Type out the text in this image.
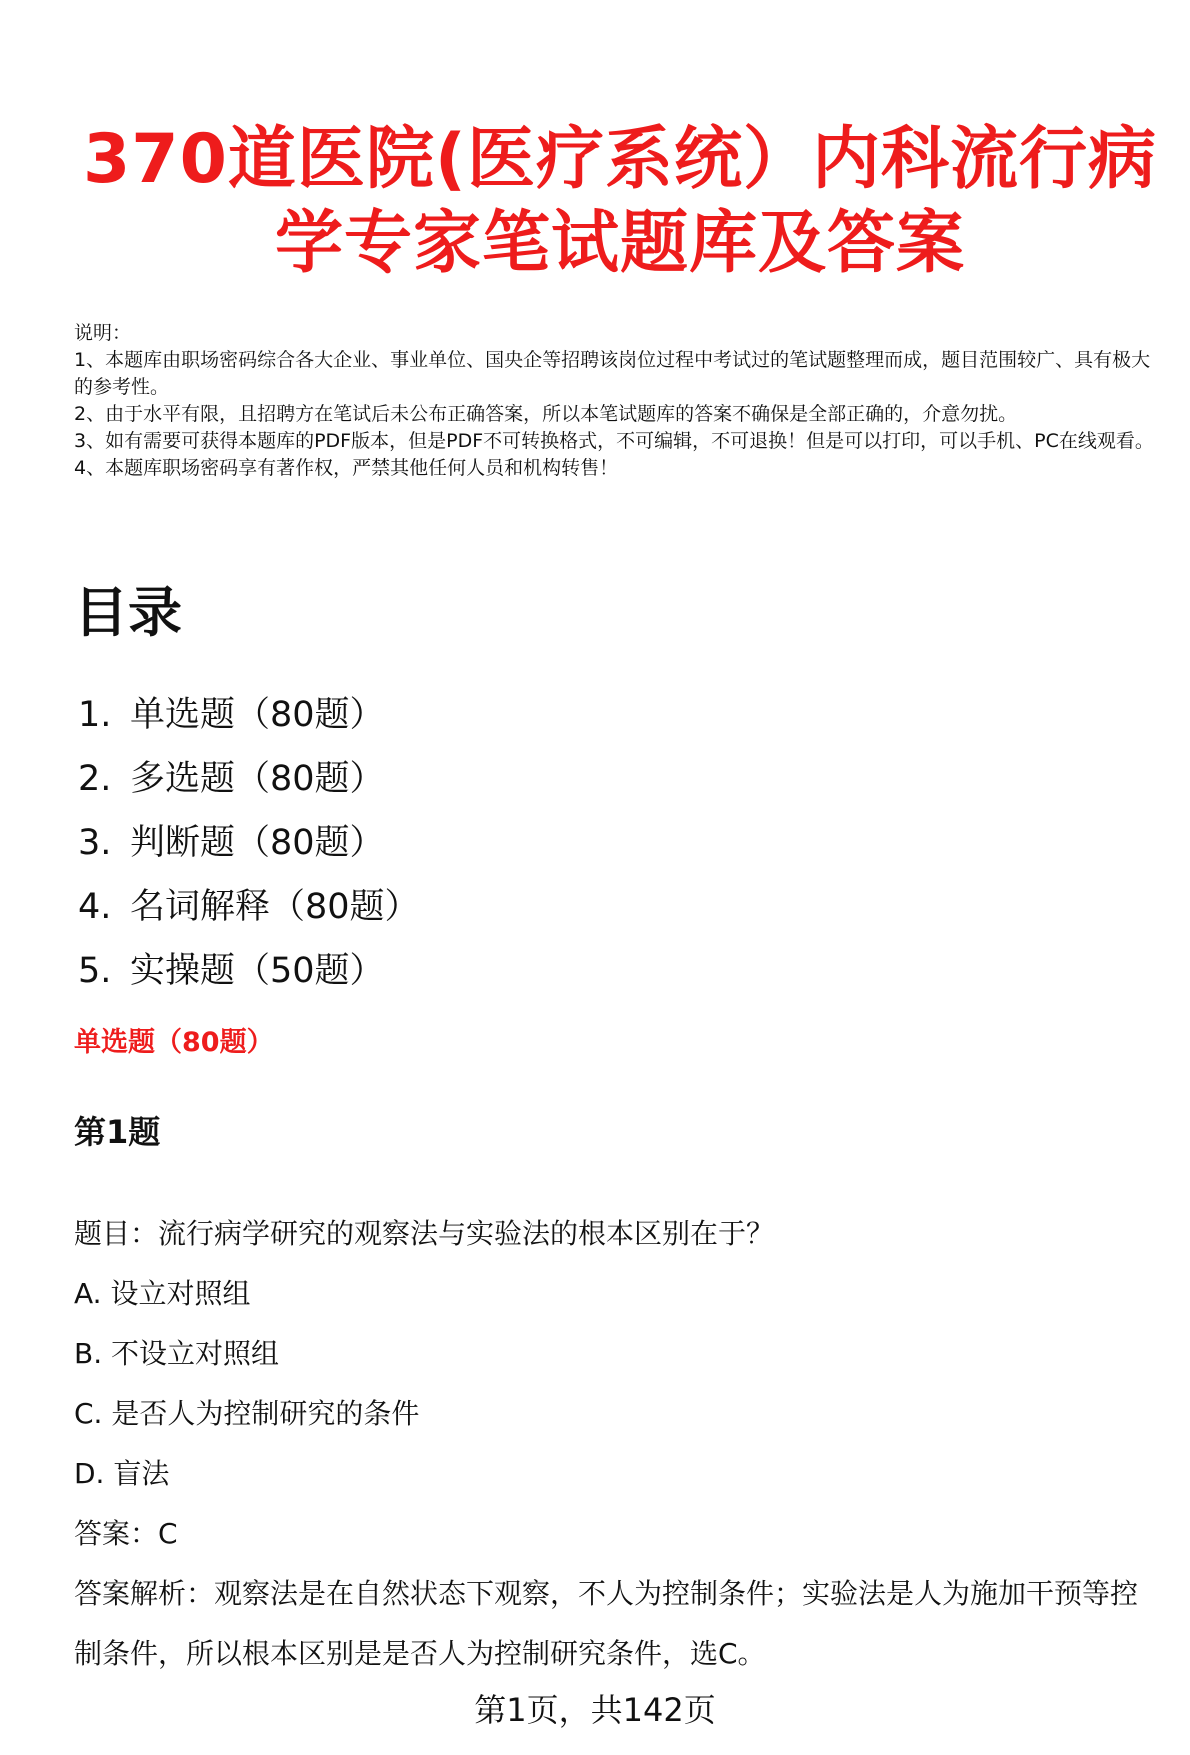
370道医院(医疗系统）内科流行病
学专家笔试题库及答案
说明：
1、本题库由职场密码综合各大企业、事业单位、国央企等招聘该岗位过程中考试过的笔试题整理而成，题目范围较广、具有极大的参考性。
2、由于水平有限，且招聘方在笔试后未公布正确答案，所以本笔试题库的答案不确保是全部正确的，介意勿扰。
3、如有需要可获得本题库的PDF版本，但是PDF不可转换格式，不可编辑，不可退换！但是可以打印，可以手机、PC在线观看。
4、本题库职场密码享有著作权，严禁其他任何人员和机构转售！
目录
1. 单选题（80题）
2. 多选题（80题）
3. 判断题（80题）
4. 名词解释（80题）
5. 实操题（50题）
单选题（80题）
第1题
题目：流行病学研究的观察法与实验法的根本区别在于？
A. 设立对照组
B. 不设立对照组
C. 是否人为控制研究的条件
D. 盲法
答案：C
答案解析：观察法是在自然状态下观察，不人为控制条件；实验法是人为施加干预等控制条件，所以根本区别是是否人为控制研究条件，选C。
第1页，共142页
